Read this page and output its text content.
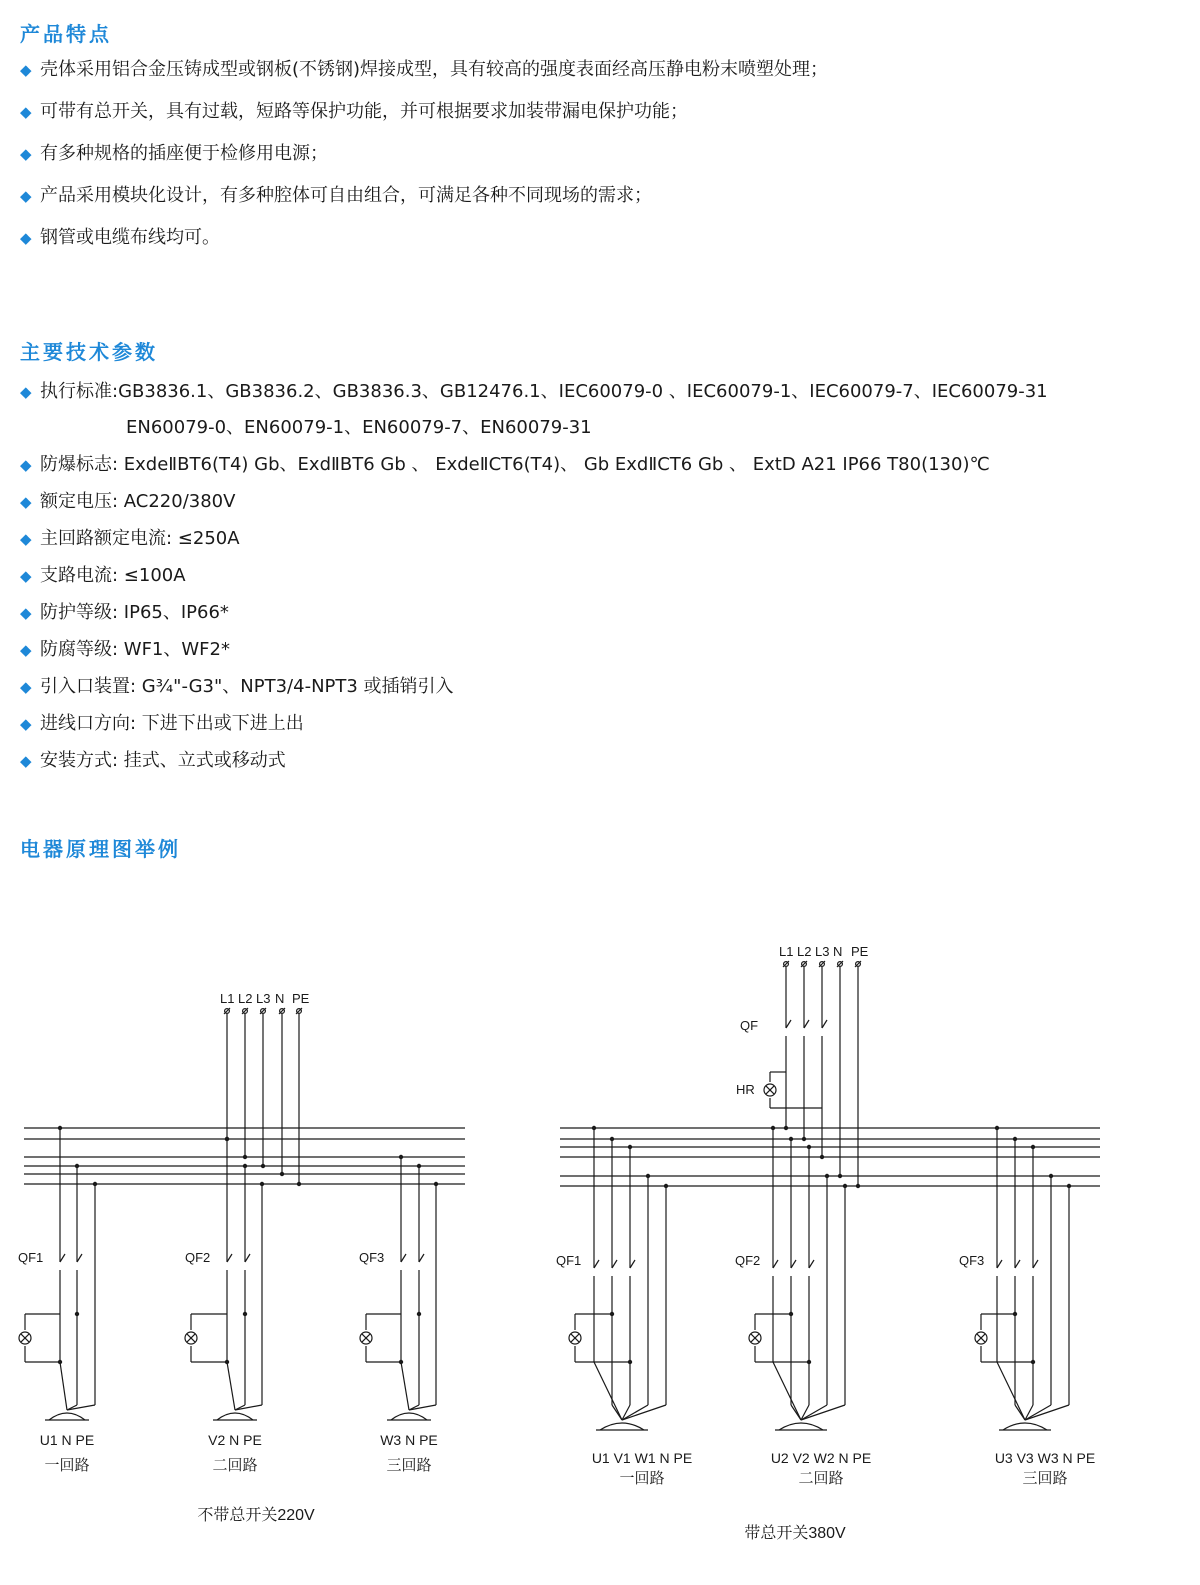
产品特点
◆ 壳体采用铝合金压铸成型或钢板(不锈钢)焊接成型，具有较高的强度表面经高压静电粉末喷塑处理；
◆ 可带有总开关，具有过载，短路等保护功能，并可根据要求加装带漏电保护功能；
◆ 有多种规格的插座便于检修用电源；
◆ 产品采用模块化设计，有多种腔体可自由组合，可满足各种不同现场的需求；
◆ 钢管或电缆布线均可。
主要技术参数
◆ 执行标准:GB3836.1、GB3836.2、GB3836.3、GB12476.1、IEC60079-0 、IEC60079-1、IEC60079-7、IEC60079-31
EN60079-0、EN60079-1、EN60079-7、EN60079-31
◆ 防爆标志: ExdeⅡBT6(T4) Gb、ExdⅡBT6 Gb 、 ExdeⅡCT6(T4)、 Gb ExdⅡCT6 Gb 、 ExtD A21 IP66 T80(130)℃
◆ 额定电压: AC220/380V
◆ 主回路额定电流: ≤250A
◆ 支路电流: ≤100A
◆ 防护等级: IP65、IP66*
◆ 防腐等级: WF1、WF2*
◆ 引入口装置: G¾"-G3"、NPT3/4-NPT3 或插销引入
◆ 进线口方向: 下进下出或下进上出
◆ 安装方式: 挂式、立式或移动式
电器原理图举例
L1 L2 L3 N PE
QF1
U1 N PE
一回路
QF2
V2 N PE
二回路
QF3
W3 N PE
三回路
不带总开关220V
L1 L2 L3 N PE
QF
HR
QF1
U1 V1 W1 N PE
一回路
QF2
U2 V2 W2 N PE
二回路
QF3
U3 V3 W3 N PE
三回路
带总开关380V
